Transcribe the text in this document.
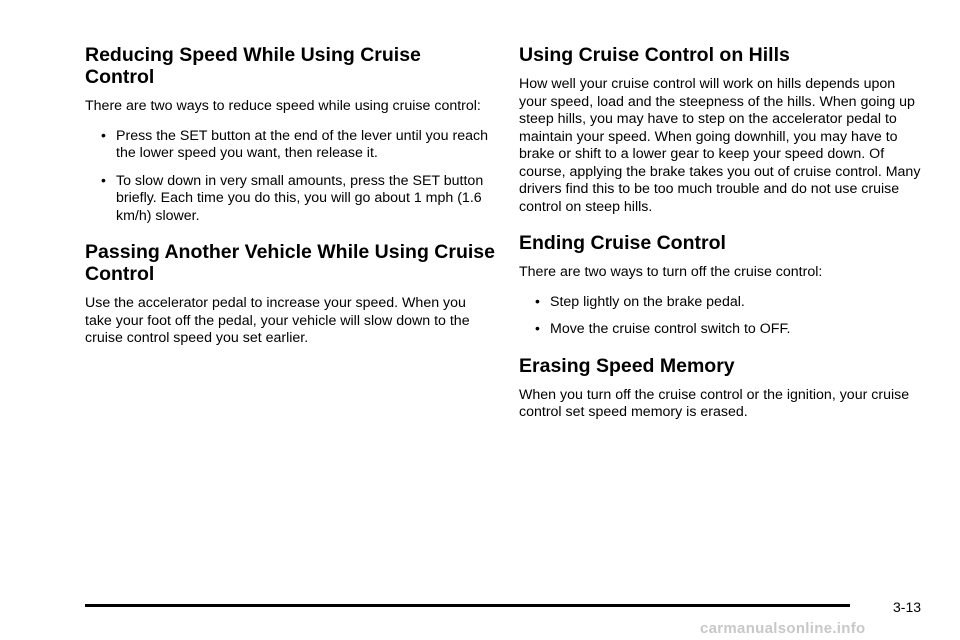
Reducing Speed While Using Cruise Control

There are two ways to reduce speed while using cruise control:

• Press the SET button at the end of the lever until you reach the lower speed you want, then release it.
• To slow down in very small amounts, press the SET button briefly. Each time you do this, you will go about 1 mph (1.6 km/h) slower.
Passing Another Vehicle While Using Cruise Control

Use the accelerator pedal to increase your speed. When you take your foot off the pedal, your vehicle will slow down to the cruise control speed you set earlier.

Using Cruise Control on Hills

How well your cruise control will work on hills depends upon your speed, load and the steepness of the hills. When going up steep hills, you may have to step on the accelerator pedal to maintain your speed. When going downhill, you may have to brake or shift to a lower gear to keep your speed down. Of course, applying the brake takes you out of cruise control. Many drivers find this to be too much trouble and do not use cruise control on steep hills.

Ending Cruise Control

There are two ways to turn off the cruise control:

• Step lightly on the brake pedal.
• Move the cruise control switch to OFF.
Erasing Speed Memory

When you turn off the cruise control or the ignition, your cruise control set speed memory is erased.

3-13
carmanualsonline.info
